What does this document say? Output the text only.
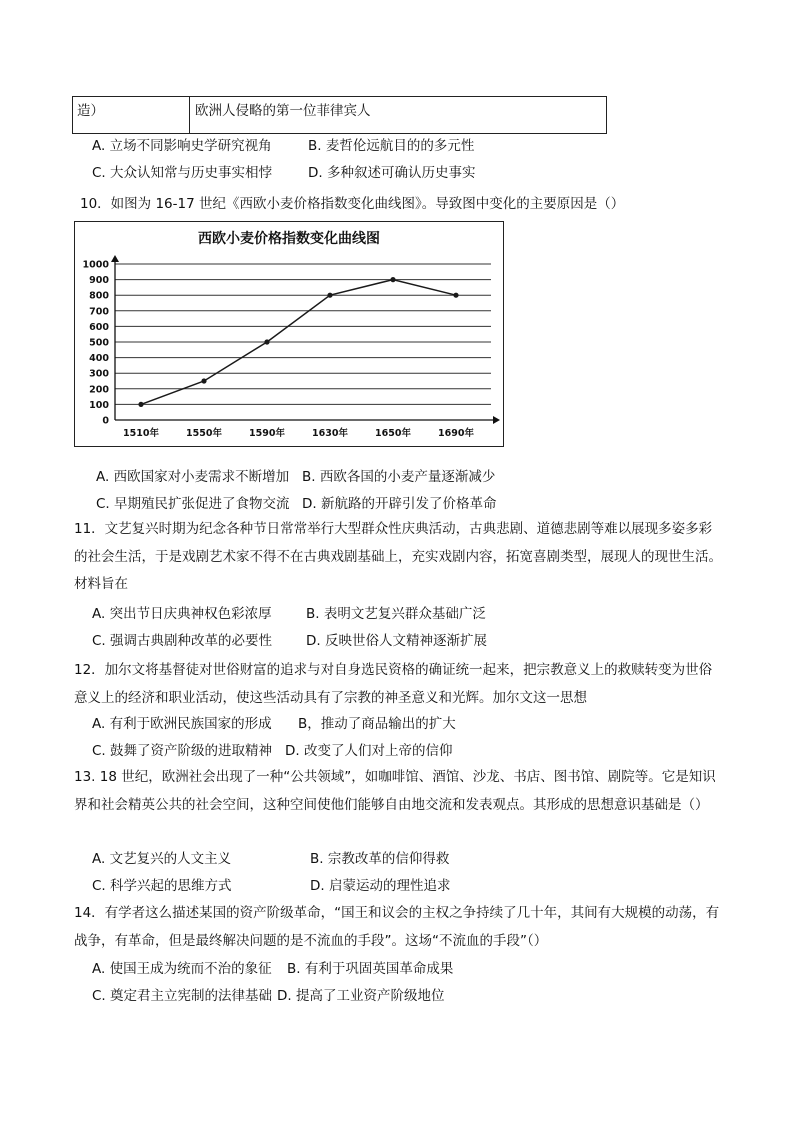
造）	欧洲人侵略的第一位菲律宾人
A. 立场不同影响史学研究视角	B. 麦哲伦远航目的的多元性
C. 大众认知常与历史事实相悖	D. 多种叙述可确认历史事实
10．如图为 16-17 世纪《西欧小麦价格指数变化曲线图》。导致图中变化的主要原因是（）
西欧小麦价格指数变化曲线图
0
100
200
300
400
500
600
700
800
900
1000
1510年	1550年	1590年	1630年	1650年	1690年
A. 西欧国家对小麦需求不断增加 B. 西欧各国的小麦产量逐渐减少
C. 早期殖民扩张促进了食物交流 D. 新航路的开辟引发了价格革命
11．文艺复兴时期为纪念各种节日常常举行大型群众性庆典活动，古典悲剧、道德悲剧等难以展现多姿多彩的社会生活，于是戏剧艺术家不得不在古典戏剧基础上，充实戏剧内容，拓宽喜剧类型，展现人的现世生活。材料旨在
A. 突出节日庆典神权色彩浓厚	B. 表明文艺复兴群众基础广泛
C. 强调古典剧种改革的必要性	D. 反映世俗人文精神逐渐扩展
12．加尔文将基督徒对世俗财富的追求与对自身选民资格的确证统一起来，把宗教意义上的救赎转变为世俗意义上的经济和职业活动，使这些活动具有了宗教的神圣意义和光辉。加尔文这一思想
A. 有利于欧洲民族国家的形成 B，推动了商品输出的扩大
C. 鼓舞了资产阶级的进取精神 D. 改变了人们对上帝的信仰
13. 18 世纪，欧洲社会出现了一种“公共领域”，如咖啡馆、酒馆、沙龙、书店、图书馆、剧院等。它是知识界和社会精英公共的社会空间，这种空间使他们能够自由地交流和发表观点。其形成的思想意识基础是（）
A. 文艺复兴的人文主义	B. 宗教改革的信仰得救
C. 科学兴起的思维方式	D. 启蒙运动的理性追求
14．有学者这么描述某国的资产阶级革命，“国王和议会的主权之争持续了几十年，其间有大规模的动荡，有战争，有革命，但是最终解决问题的是不流血的手段”。这场“不流血的手段”（）
A. 使国王成为统而不治的象征 B. 有利于巩固英国革命成果
C. 奠定君主立宪制的法律基础 D. 提高了工业资产阶级地位
